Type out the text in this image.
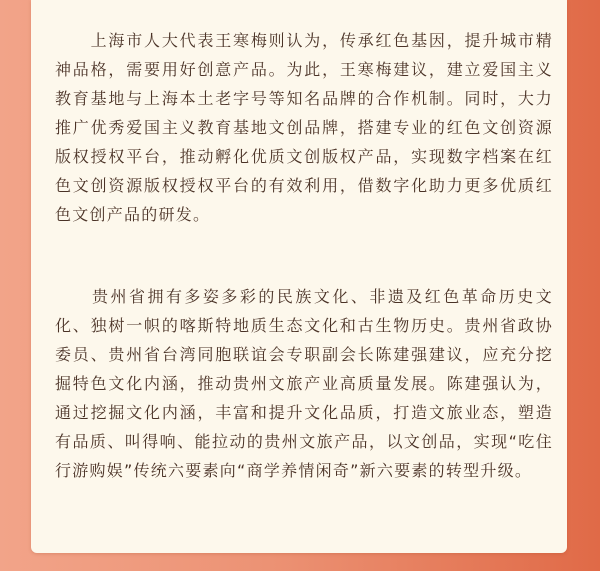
　　上海市人大代表王寒梅则认为，传承红色基因，提升城市精神品格，需要用好创意产品。为此，王寒梅建议，建立爱国主义教育基地与上海本土老字号等知名品牌的合作机制。同时，大力推广优秀爱国主义教育基地文创品牌，搭建专业的红色文创资源版权授权平台，推动孵化优质文创版权产品，实现数字档案在红色文创资源版权授权平台的有效利用，借数字化助力更多优质红色文创产品的研发。

　　贵州省拥有多姿多彩的民族文化、非遗及红色革命历史文化、独树一帜的喀斯特地质生态文化和古生物历史。贵州省政协委员、贵州省台湾同胞联谊会专职副会长陈建强建议，应充分挖掘特色文化内涵，推动贵州文旅产业高质量发展。陈建强认为，通过挖掘文化内涵，丰富和提升文化品质，打造文旅业态，塑造有品质、叫得响、能拉动的贵州文旅产品，以文创品，实现“吃住行游购娱”传统六要素向“商学养情闲奇”新六要素的转型升级。
